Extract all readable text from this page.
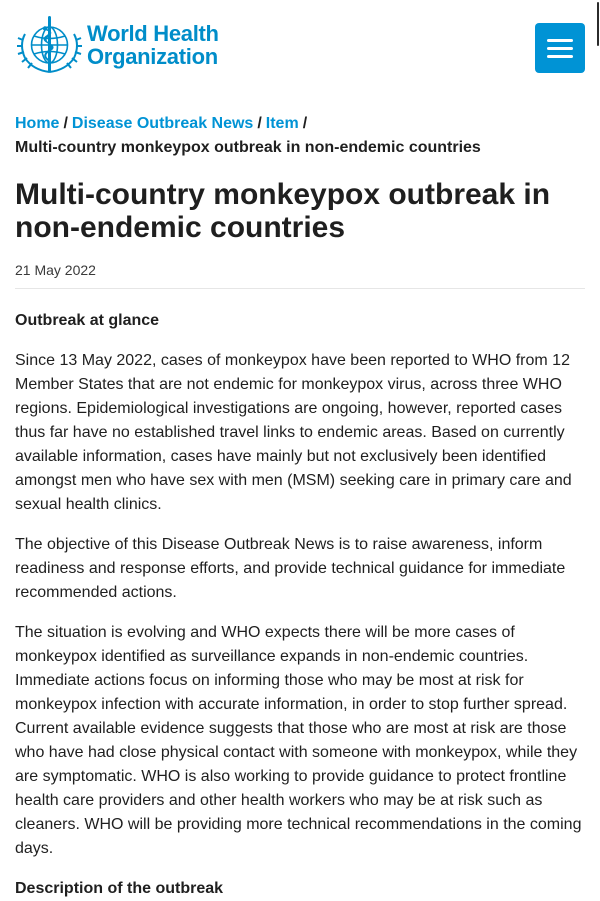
World Health
Organization
Home / Disease Outbreak News / Item /
Multi-country monkeypox outbreak in non-endemic countries
Multi-country monkeypox outbreak in non-endemic countries
21 May 2022
Outbreak at glance

Since 13 May 2022, cases of monkeypox have been reported to WHO from 12 Member States that are not endemic for monkeypox virus, across three WHO regions. Epidemiological investigations are ongoing, however, reported cases thus far have no established travel links to endemic areas. Based on currently available information, cases have mainly but not exclusively been identified amongst men who have sex with men (MSM) seeking care in primary care and sexual health clinics.

The objective of this Disease Outbreak News is to raise awareness, inform readiness and response efforts, and provide technical guidance for immediate recommended actions.

The situation is evolving and WHO expects there will be more cases of monkeypox identified as surveillance expands in non-endemic countries. Immediate actions focus on informing those who may be most at risk for monkeypox infection with accurate information, in order to stop further spread. Current available evidence suggests that those who are most at risk are those who have had close physical contact with someone with monkeypox, while they are symptomatic. WHO is also working to provide guidance to protect frontline health care providers and other health workers who may be at risk such as cleaners. WHO will be providing more technical recommendations in the coming days.

Description of the outbreak
